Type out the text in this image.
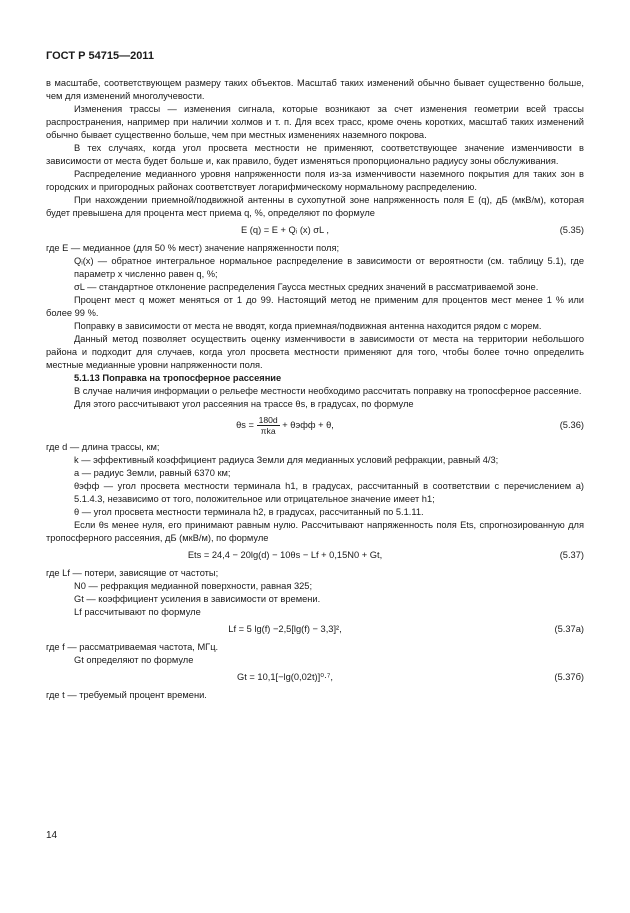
ГОСТ Р 54715—2011

в масштабе, соответствующем размеру таких объектов. Масштаб таких изменений обычно бывает существенно больше, чем для изменений многолучевости.

Изменения трассы — изменения сигнала, которые возникают за счет изменения геометрии всей трассы распространения, например при наличии холмов и т. п. Для всех трасс, кроме очень коротких, масштаб таких изменений обычно бывает существенно больше, чем при местных изменениях наземного покрова.

В тех случаях, когда угол просвета местности не применяют, соответствующее значение изменчивости в зависимости от места будет больше и, как правило, будет изменяться пропорционально радиусу зоны обслуживания.

Распределение медианного уровня напряженности поля из-за изменчивости наземного покрытия для таких зон в городских и пригородных районах соответствует логарифмическому нормальному распределению.

При нахождении приемной/подвижной антенны в сухопутной зоне напряженность поля E (q), дБ (мкВ/м), которая будет превышена для процента мест приема q, %, определяют по формуле

E (q) = E + Qᵢ (x) σL ,	(5.35)

где E — медианное (для 50 % мест) значение напряженности поля;

Qᵢ(x) — обратное интегральное нормальное распределение в зависимости от вероятности (см. таблицу 5.1), где параметр x численно равен q, %;

σL — стандартное отклонение распределения Гаусса местных средних значений в рассматриваемой зоне.

Процент мест q может меняться от 1 до 99. Настоящий метод не применим для процентов мест менее 1 % или более 99 %.

Поправку в зависимости от места не вводят, когда приемная/подвижная антенна находится рядом с морем.

Данный метод позволяет осуществить оценку изменчивости в зависимости от места на территории небольшого района и подходит для случаев, когда угол просвета местности применяют для того, чтобы более точно определить местные медианные уровни напряженности поля.

5.1.13 Поправка на тропосферное рассеяние

В случае наличия информации о рельефе местности необходимо рассчитать поправку на тропосферное рассеяние.

Для этого рассчитывают угол рассеяния на трассе θs, в градусах, по формуле

$\theta s = \frac{180d}{\text{πka}} + \theta эфф + \theta$,	(5.36)

где d — длина трассы, км;

k — эффективный коэффициент радиуса Земли для медианных условий рефракции, равный 4/3;

a — радиус Земли, равный 6370 км;

θэфф — угол просвета местности терминала h1, в градусах, рассчитанный в соответствии с перечислением а) 5.1.4.3, независимо от того, положительное или отрицательное значение имеет h1;

θ — угол просвета местности терминала h2, в градусах, рассчитанный по 5.1.11.

Если θs менее нуля, его принимают равным нулю. Рассчитывают напряженность поля Ets, спрогнозированную для тропосферного рассеяния, дБ (мкВ/м), по формуле

Ets = 24,4 − 20lg(d) − 10θs − Lf + 0,15N0 + Gt,	(5.37)

где Lf — потери, зависящие от частоты;

N0 — рефракция медианной поверхности, равная 325;

Gt — коэффициент усиления в зависимости от времени.

Lf рассчитывают по формуле

Lf = 5 lg(f) −2,5[lg(f) − 3,3]²,	(5.37а)

где f — рассматриваемая частота, МГц.

Gt определяют по формуле

Gt = 10,1[−lg(0,02t)]⁰·⁷,	(5.37б)

где t — требуемый процент времени.

14
